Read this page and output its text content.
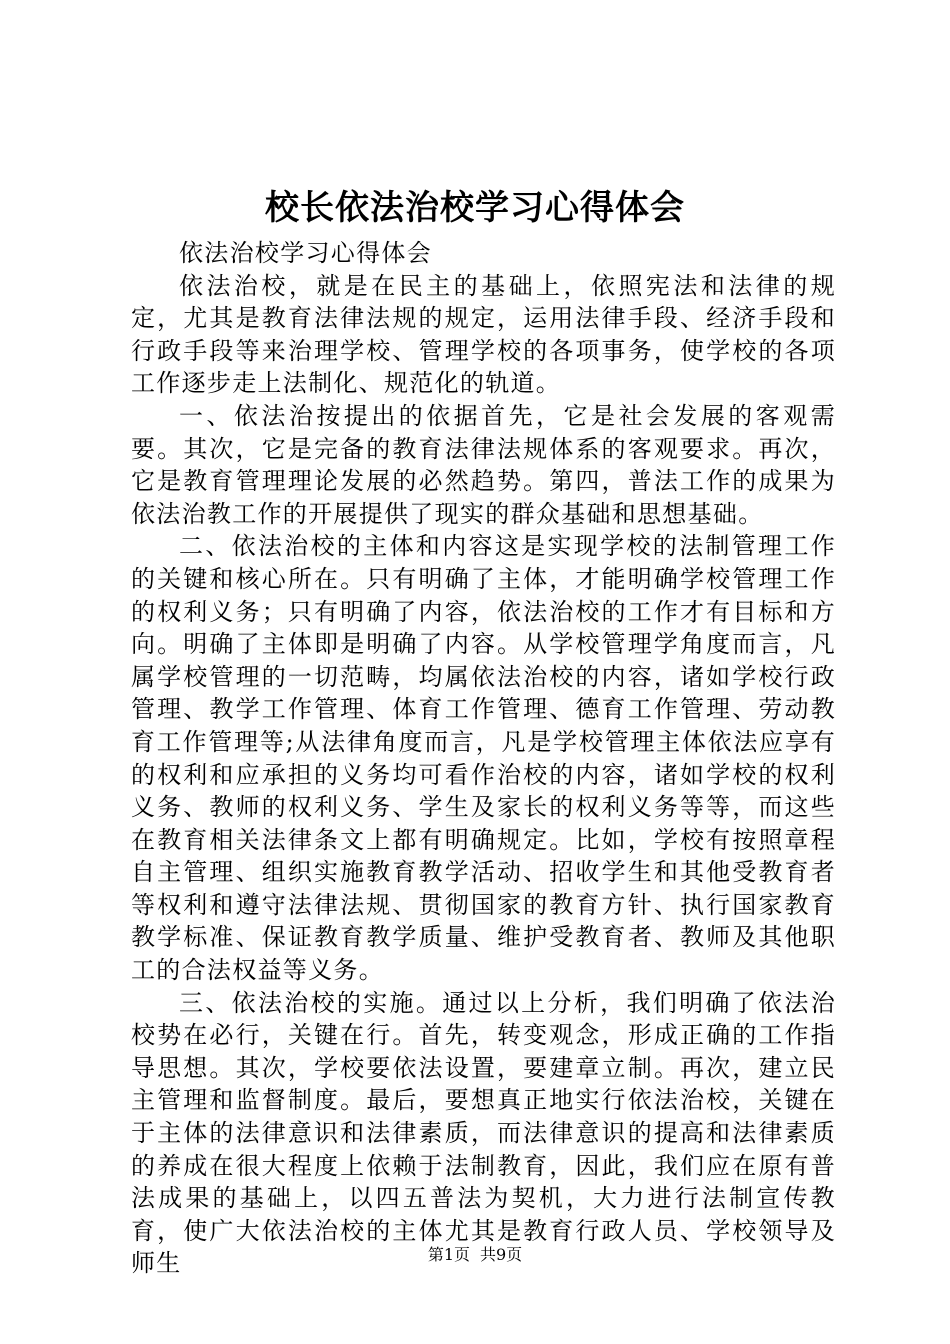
校长依法治校学习心得体会

依法治校学习心得体会

依法治校，就是在民主的基础上，依照宪法和法律的规定，尤其是教育法律法规的规定，运用法律手段、经济手段和行政手段等来治理学校、管理学校的各项事务，使学校的各项工作逐步走上法制化、规范化的轨道。

一、依法治按提出的依据首先，它是社会发展的客观需要。其次，它是完备的教育法律法规体系的客观要求。再次，它是教育管理理论发展的必然趋势。第四，普法工作的成果为依法治教工作的开展提供了现实的群众基础和思想基础。

二、依法治校的主体和内容这是实现学校的法制管理工作的关键和核心所在。只有明确了主体，才能明确学校管理工作的权利义务；只有明确了内容，依法治校的工作才有目标和方向。明确了主体即是明确了内容。从学校管理学角度而言，凡属学校管理的一切范畴，均属依法治校的内容，诸如学校行政管理、教学工作管理、体育工作管理、德育工作管理、劳动教育工作管理等;从法律角度而言，凡是学校管理主体依法应享有的权利和应承担的义务均可看作治校的内容，诸如学校的权利义务、教师的权利义务、学生及家长的权利义务等等，而这些在教育相关法律条文上都有明确规定。比如，学校有按照章程自主管理、组织实施教育教学活动、招收学生和其他受教育者等权利和遵守法律法规、贯彻国家的教育方针、执行国家教育教学标准、保证教育教学质量、维护受教育者、教师及其他职工的合法权益等义务。

三、依法治校的实施。通过以上分析，我们明确了依法治校势在必行，关键在行。首先，转变观念，形成正确的工作指导思想。其次，学校要依法设置，要建章立制。再次，建立民主管理和监督制度。最后，要想真正地实行依法治校，关键在于主体的法律意识和法律素质，而法律意识的提高和法律素质的养成在很大程度上依赖于法制教育，因此，我们应在原有普法成果的基础上，以四五普法为契机，大力进行法制宣传教育，使广大依法治校的主体尤其是教育行政人员、学校领导及师生	第1页 共9页
